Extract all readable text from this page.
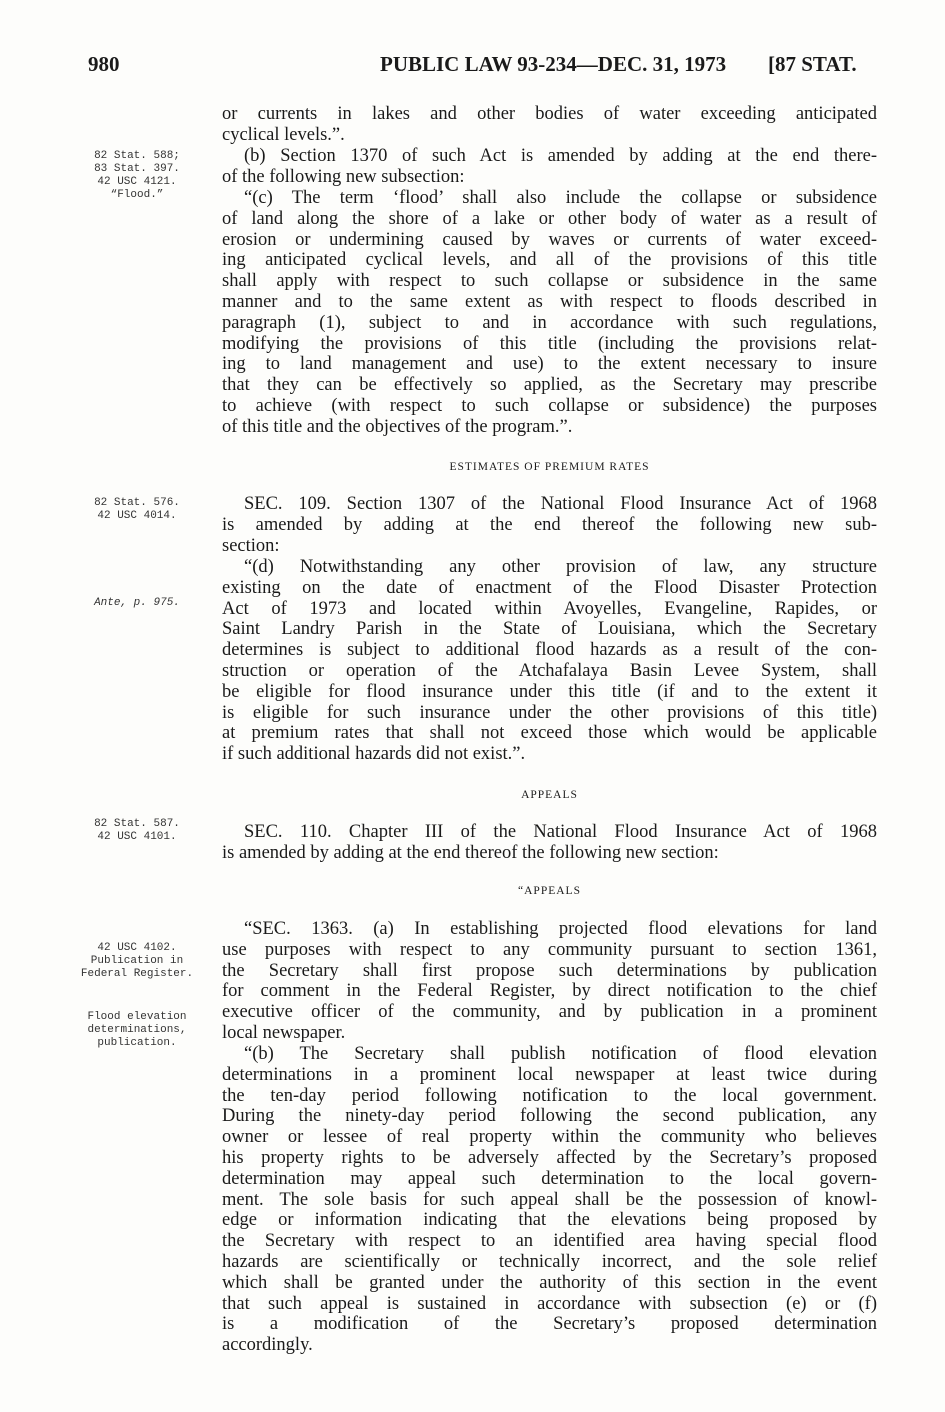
980	PUBLIC LAW 93-234—DEC. 31, 1973 [87 STAT.
82 Stat. 588;
83 Stat. 397.
42 USC 4121.
“Flood.”
82 Stat. 576.
42 USC 4014.
Ante, p. 975.
82 Stat. 587.
42 USC 4101.
42 USC 4102.
Publication in
Federal Register.
Flood elevation
determinations,
publication.
ESTIMATES OF PREMIUM RATES
APPEALS
“APPEALS
or currents in lakes and other bodies of water exceeding anticipated
cyclical levels.”.
(b) Section 1370 of such Act is amended by adding at the end there-
of the following new subsection:
“(c) The term ‘flood’ shall also include the collapse or subsidence
of land along the shore of a lake or other body of water as a result of
erosion or undermining caused by waves or currents of water exceed-
ing anticipated cyclical levels, and all of the provisions of this title
shall apply with respect to such collapse or subsidence in the same
manner and to the same extent as with respect to floods described in
paragraph (1), subject to and in accordance with such regulations,
modifying the provisions of this title (including the provisions relat-
ing to land management and use) to the extent necessary to insure
that they can be effectively so applied, as the Secretary may prescribe
to achieve (with respect to such collapse or subsidence) the purposes
of this title and the objectives of the program.”.
SEC. 109. Section 1307 of the National Flood Insurance Act of 1968
is amended by adding at the end thereof the following new sub-
section:
“(d) Notwithstanding any other provision of law, any structure
existing on the date of enactment of the Flood Disaster Protection
Act of 1973 and located within Avoyelles, Evangeline, Rapides, or
Saint Landry Parish in the State of Louisiana, which the Secretary
determines is subject to additional flood hazards as a result of the con-
struction or operation of the Atchafalaya Basin Levee System, shall
be eligible for flood insurance under this title (if and to the extent it
is eligible for such insurance under the other provisions of this title)
at premium rates that shall not exceed those which would be applicable
if such additional hazards did not exist.”.
SEC. 110. Chapter III of the National Flood Insurance Act of 1968
is amended by adding at the end thereof the following new section:
“SEC. 1363. (a) In establishing projected flood elevations for land
use purposes with respect to any community pursuant to section 1361,
the Secretary shall first propose such determinations by publication
for comment in the Federal Register, by direct notification to the chief
executive officer of the community, and by publication in a prominent
local newspaper.
“(b) The Secretary shall publish notification of flood elevation
determinations in a prominent local newspaper at least twice during
the ten-day period following notification to the local government.
During the ninety-day period following the second publication, any
owner or lessee of real property within the community who believes
his property rights to be adversely affected by the Secretary’s proposed
determination may appeal such determination to the local govern-
ment. The sole basis for such appeal shall be the possession of knowl-
edge or information indicating that the elevations being proposed by
the Secretary with respect to an identified area having special flood
hazards are scientifically or technically incorrect, and the sole relief
which shall be granted under the authority of this section in the event
that such appeal is sustained in accordance with subsection (e) or (f)
is a modification of the Secretary’s proposed determination
accordingly.
